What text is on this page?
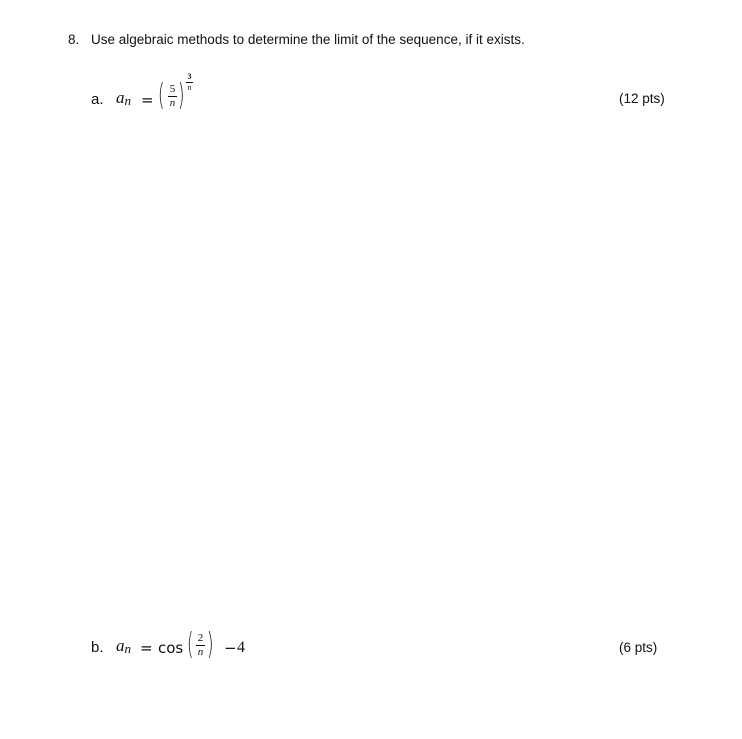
8. Use algebraic methods to determine the limit of the sequence, if it exists.
a. $a_n$ = ( 5
n )
3
n
(12 pts)
b. $a_n = \cos$ ( 2
n ) − 4	(6 pts)
